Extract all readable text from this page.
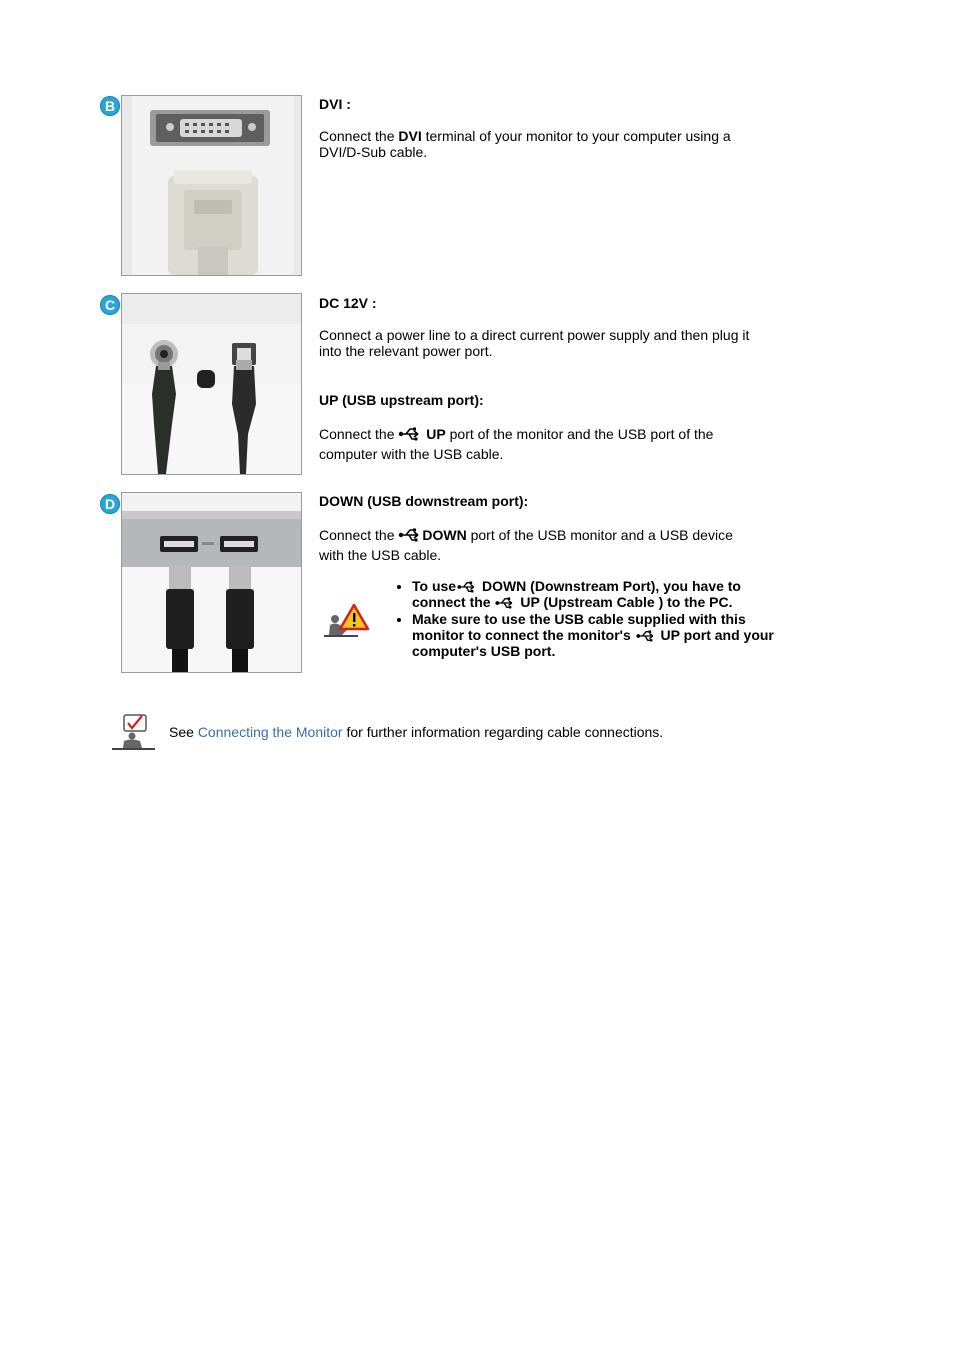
B	DVI :

Connect the DVI terminal of your monitor to your computer using a DVI/D-Sub cable.

C	DC 12V :

Connect a power line to a direct current power supply and then plug it into the relevant power port.

UP (USB upstream port):

Connect the  UP port of the monitor and the USB port of the computer with the USB cable.

D	DOWN (USB downstream port):

Connect the DOWN port of the USB monitor and a USB device with the USB cable.

• To use DOWN (Downstream Port), you have to connect the  UP (Upstream Cable ) to the PC.
• Make sure to use the USB cable supplied with this monitor to connect the monitor's  UP port and your computer's USB port.
See Connecting the Monitor for further information regarding cable connections.
